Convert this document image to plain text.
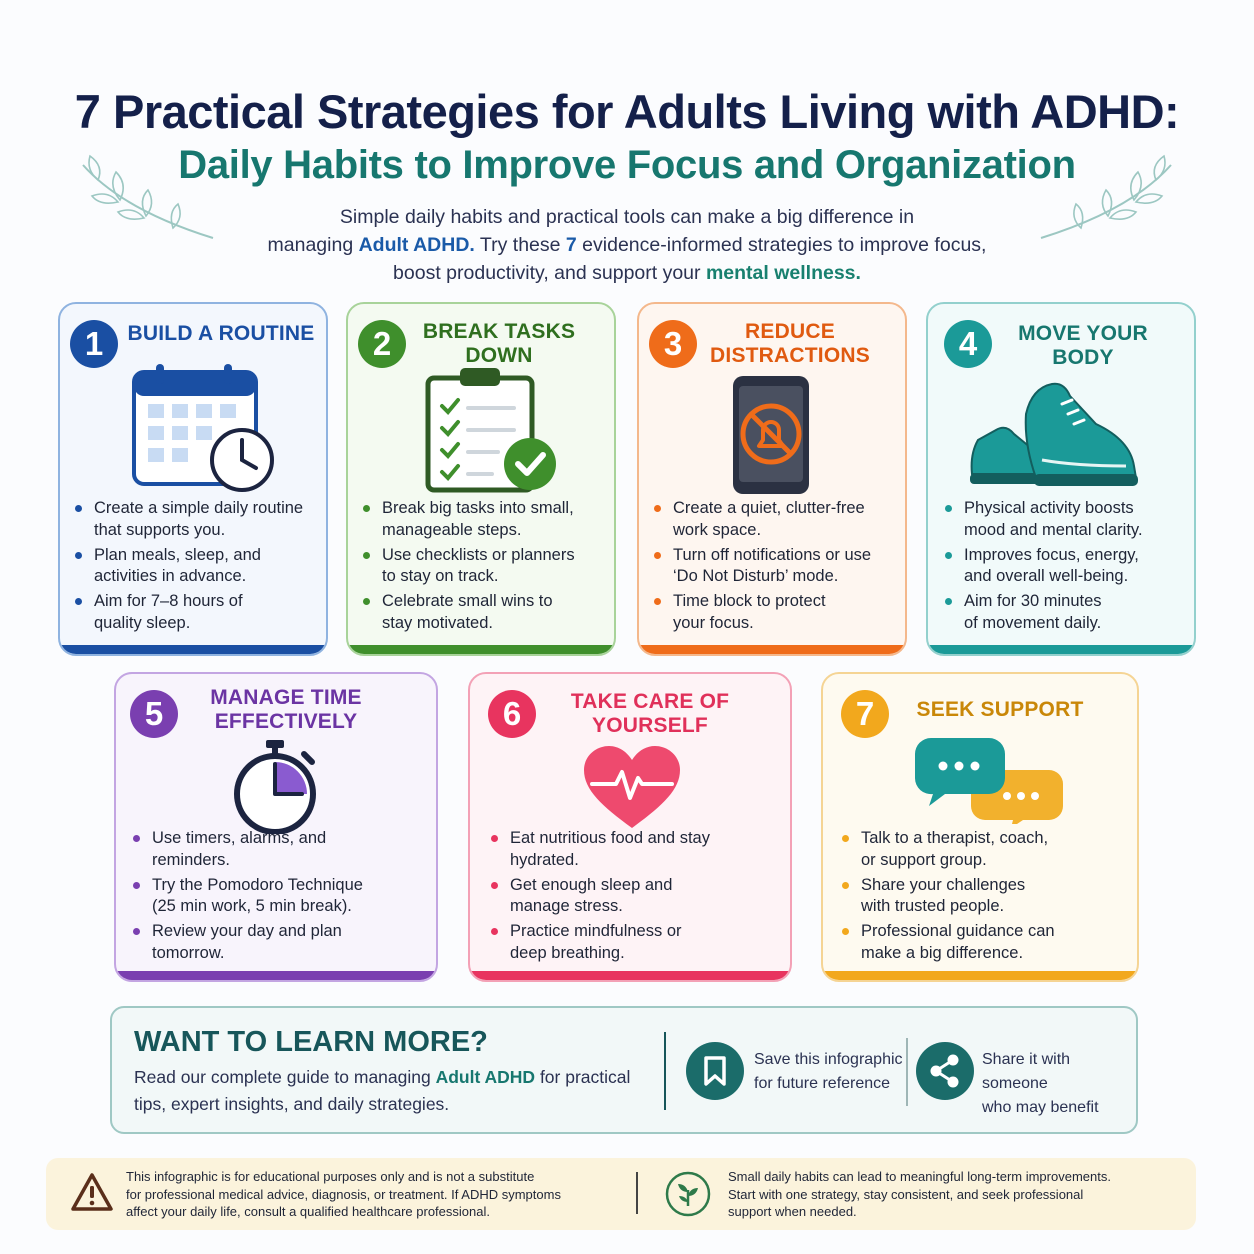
7 Practical Strategies for Adults Living with ADHD:
Daily Habits to Improve Focus and Organization
Simple daily habits and practical tools can make a big difference in
managing Adult ADHD. Try these 7 evidence-informed strategies to improve focus,
boost productivity, and support your mental wellness.
1	BUILD A ROUTINE
Create a simple daily routine
that supports you.
Plan meals, sleep, and
activities in advance.
Aim for 7–8 hours of
quality sleep.
2	BREAK TASKS
DOWN
Break big tasks into small,
manageable steps.
Use checklists or planners
to stay on track.
Celebrate small wins to
stay motivated.
3	REDUCE
DISTRACTIONS
Create a quiet, clutter-free
work space.
Turn off notifications or use
‘Do Not Disturb’ mode.
Time block to protect
your focus.
4	MOVE YOUR
BODY
Physical activity boosts
mood and mental clarity.
Improves focus, energy,
and overall well-being.
Aim for 30 minutes
of movement daily.
5	MANAGE TIME
EFFECTIVELY
Use timers, alarms, and
reminders.
Try the Pomodoro Technique
(25 min work, 5 min break).
Review your day and plan
tomorrow.
6	TAKE CARE OF
YOURSELF
Eat nutritious food and stay
hydrated.
Get enough sleep and
manage stress.
Practice mindfulness or
deep breathing.
7	SEEK SUPPORT
Talk to a therapist, coach,
or support group.
Share your challenges
with trusted people.
Professional guidance can
make a big difference.
WANT TO LEARN MORE?
Read our complete guide to managing Adult ADHD for practical
tips, expert insights, and daily strategies.
Save this infographic
for future reference
Share it with someone
who may benefit
This infographic is for educational purposes only and is not a substitute
for professional medical advice, diagnosis, or treatment. If ADHD symptoms
affect your daily life, consult a qualified healthcare professional.
Small daily habits can lead to meaningful long-term improvements.
Start with one strategy, stay consistent, and seek professional
support when needed.
